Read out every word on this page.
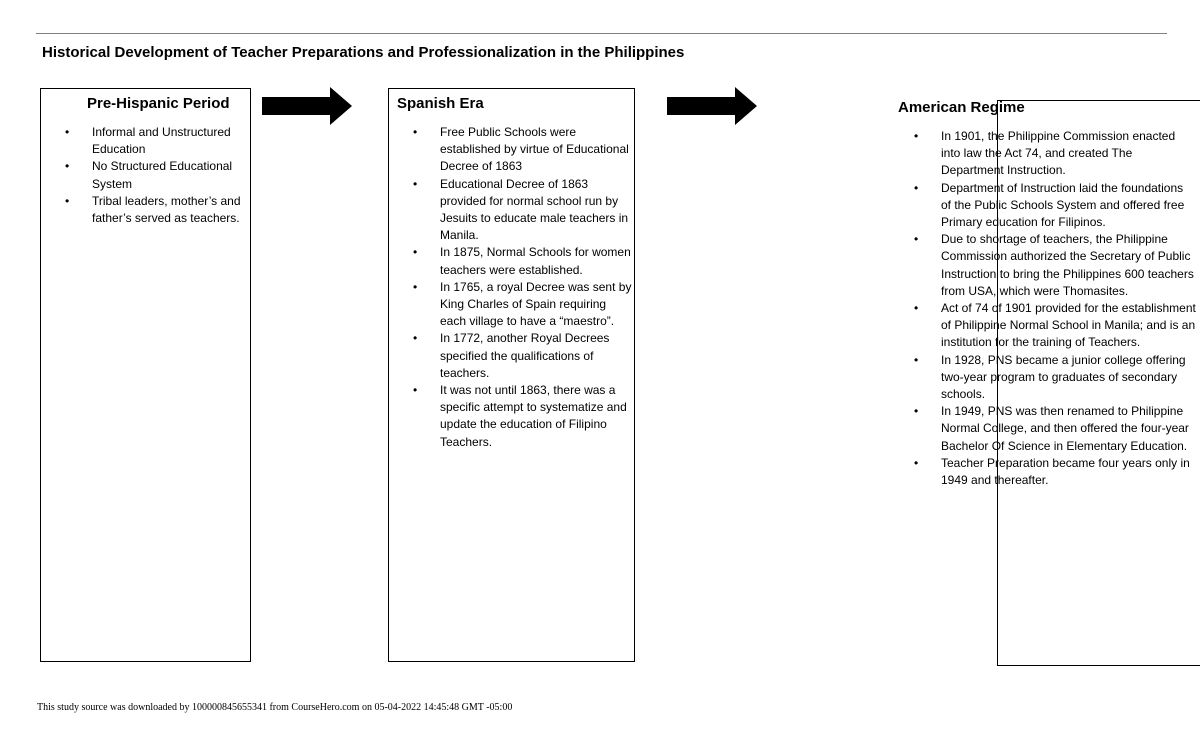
Historical Development of Teacher Preparations and Professionalization in the Philippines
Pre-Hispanic Period
• Informal and Unstructured Education
• No Structured Educational System
• Tribal leaders, mother’s and father’s served as teachers.
Spanish Era
• Free Public Schools were established by virtue of Educational Decree of 1863
• Educational Decree of 1863 provided for normal school run by Jesuits to educate male teachers in Manila.
• In 1875, Normal Schools for women teachers were established.
• In 1765, a royal Decree was sent by King Charles of Spain requiring each village to have a “maestro”.
• In 1772, another Royal Decrees specified the qualifications of teachers.
• It was not until 1863, there was a specific attempt to systematize and update the education of Filipino Teachers.
American Regime
• In 1901, the Philippine Commission enacted into law the Act 74, and created The Department Instruction.
• Department of Instruction laid the foundations of the Public Schools System and offered free Primary education for Filipinos.
• Due to shortage of teachers, the Philippine Commission authorized the Secretary of Public Instruction to bring the Philippines 600 teachers from USA, which were Thomasites.
• Act of 74 of 1901 provided for the establishment of Philippine Normal School in Manila; and is an institution for the training of Teachers.
• In 1928, PNS became a junior college offering two-year program to graduates of secondary schools.
• In 1949, PNS was then renamed to Philippine Normal College, and then offered the four-year Bachelor Of Science in Elementary Education.
• Teacher Preparation became four years only in 1949 and thereafter.
This study source was downloaded by 100000845655341 from CourseHero.com on 05-04-2022 14:45:48 GMT -05:00
